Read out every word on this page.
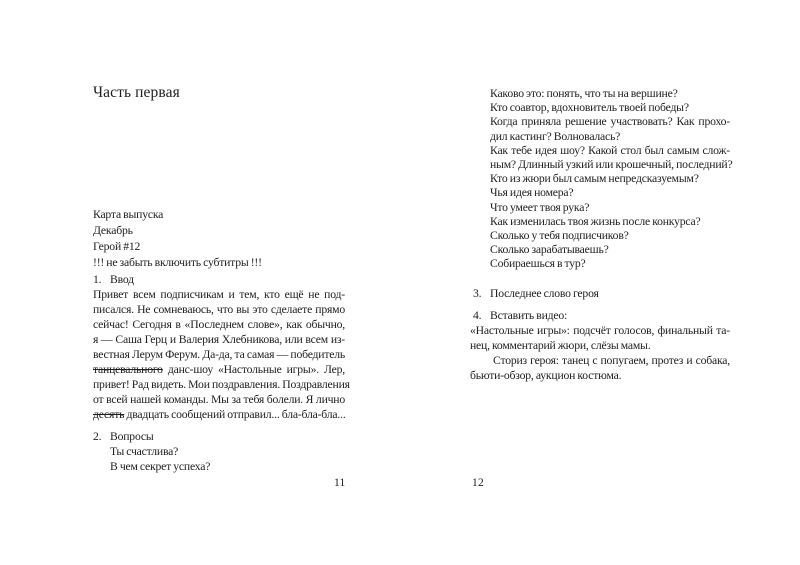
Часть первая
Карта выпуска
Декабрь
Герой #12
!!! не забыть включить субтитры !!!
1. Ввод
Привет всем подписчикам и тем, кто ещё не под-
писался. Не сомневаюсь, что вы это сделаете прямо
сейчас! Сегодня в «Последнем слове», как обычно,
я — Саша Герц и Валерия Хлебникова, или всем из-
вестная Лерум Ферум. Да-да, та самая — победитель
танцевального данс-шоу «Настольные игры». Лер,
привет! Рад видеть. Мои поздравления. Поздравления
от всей нашей команды. Мы за тебя болели. Я лично
десять двадцать сообщений отправил... бла-бла-бла...
2. Вопросы
Ты счастлива?
В чем секрет успеха?
Каково это: понять, что ты на вершине?
Кто соавтор, вдохновитель твоей победы?
Когда приняла решение участвовать? Как прохо-
дил кастинг? Волновалась?
Как тебе идея шоу? Какой стол был самым слож-
ным? Длинный узкий или крошечный, последний?
Кто из жюри был самым непредсказуемым?
Чья идея номера?
Что умеет твоя рука?
Как изменилась твоя жизнь после конкурса?
Сколько у тебя подписчиков?
Сколько зарабатываешь?
Собираешься в тур?
3. Последнее слово героя
4. Вставить видео:
«Настольные игры»: подсчёт голосов, финальный та-
нец, комментарий жюри, слёзы мамы.
Сториз героя: танец с попугаем, протез и собака,
бьюти-обзор, аукцион костюма.
11	12
